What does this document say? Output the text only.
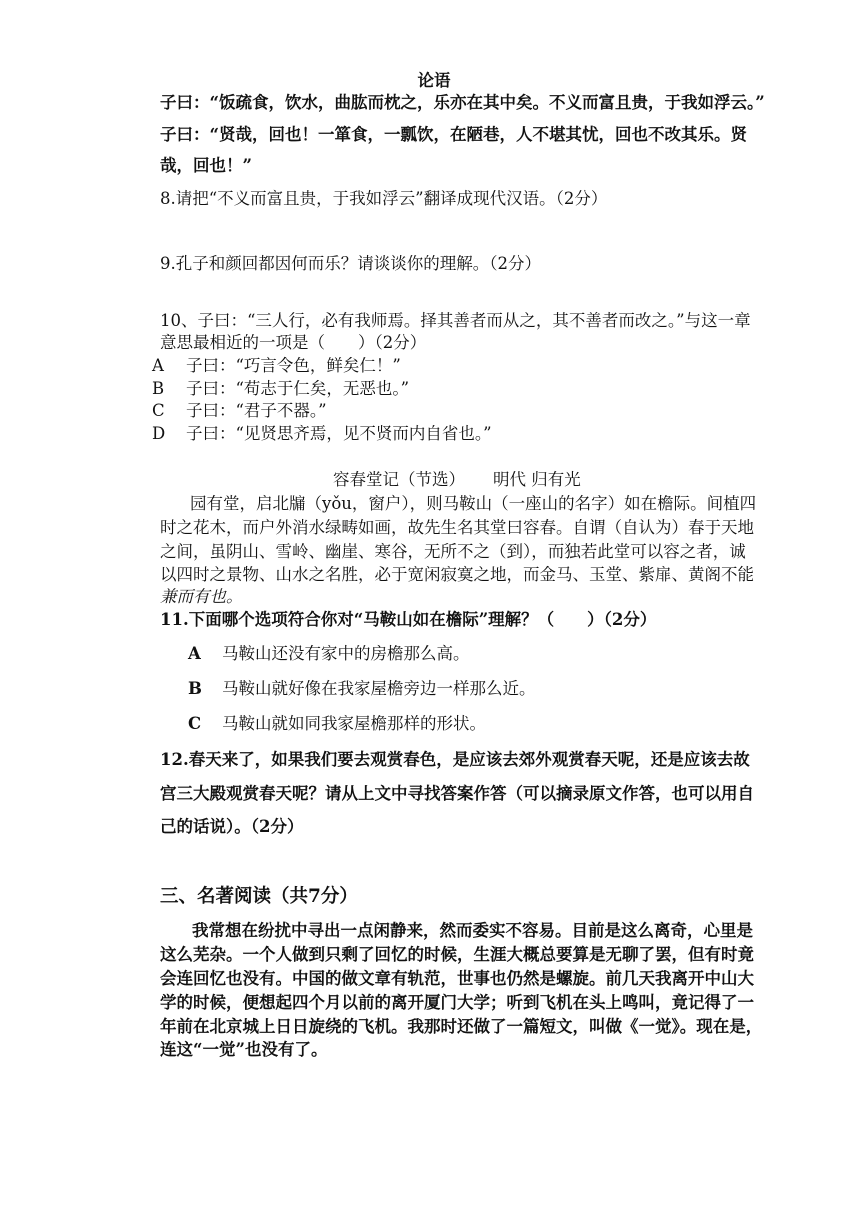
论语
子曰：“饭疏食，饮水，曲肱而枕之，乐亦在其中矣。不义而富且贵，于我如浮云。”
子曰：“贤哉，回也！一箪食，一瓢饮，在陋巷，人不堪其忧，回也不改其乐。贤
哉，回也！”
8.请把“不义而富且贵，于我如浮云”翻译成现代汉语。（2分）
9.孔子和颜回都因何而乐？请谈谈你的理解。（2分）
10、子曰：“三人行，必有我师焉。择其善者而从之，其不善者而改之。”与这一章
意思最相近的一项是（　　）（2分）
A 子曰：“巧言令色，鲜矣仁！”
B 子曰：“苟志于仁矣，无恶也。”
C 子曰：“君子不器。”
D 子曰：“见贤思齐焉，见不贤而内自省也。”
容春堂记（节选） 明代 归有光
园有堂，启北牖（yǒu，窗户），则马鞍山（一座山的名字）如在檐际。间植四
时之花木，而户外消水绿畴如画，故先生名其堂曰容春。自谓（自认为）春于天地
之间，虽阴山、雪岭、幽崖、寒谷，无所不之（到），而独若此堂可以容之者，诚
以四时之景物、山水之名胜，必于宽闲寂寞之地，而金马、玉堂、紫扉、黄阁不能
兼而有也。
11.下面哪个选项符合你对“马鞍山如在檐际”理解？（　　）（2分）
A 马鞍山还没有家中的房檐那么高。
B 马鞍山就好像在我家屋檐旁边一样那么近。
C 马鞍山就如同我家屋檐那样的形状。
12.春天来了，如果我们要去观赏春色，是应该去郊外观赏春天呢，还是应该去故
宫三大殿观赏春天呢？请从上文中寻找答案作答（可以摘录原文作答，也可以用自
己的话说）。（2分）
三、名著阅读（共7分）
我常想在纷扰中寻出一点闲静来，然而委实不容易。目前是这么离奇，心里是
这么芜杂。一个人做到只剩了回忆的时候，生涯大概总要算是无聊了罢，但有时竟
会连回忆也没有。中国的做文章有轨范，世事也仍然是螺旋。前几天我离开中山大
学的时候，便想起四个月以前的离开厦门大学；听到飞机在头上鸣叫，竟记得了一
年前在北京城上日日旋绕的飞机。我那时还做了一篇短文，叫做《一觉》。现在是，
连这“一觉”也没有了。
